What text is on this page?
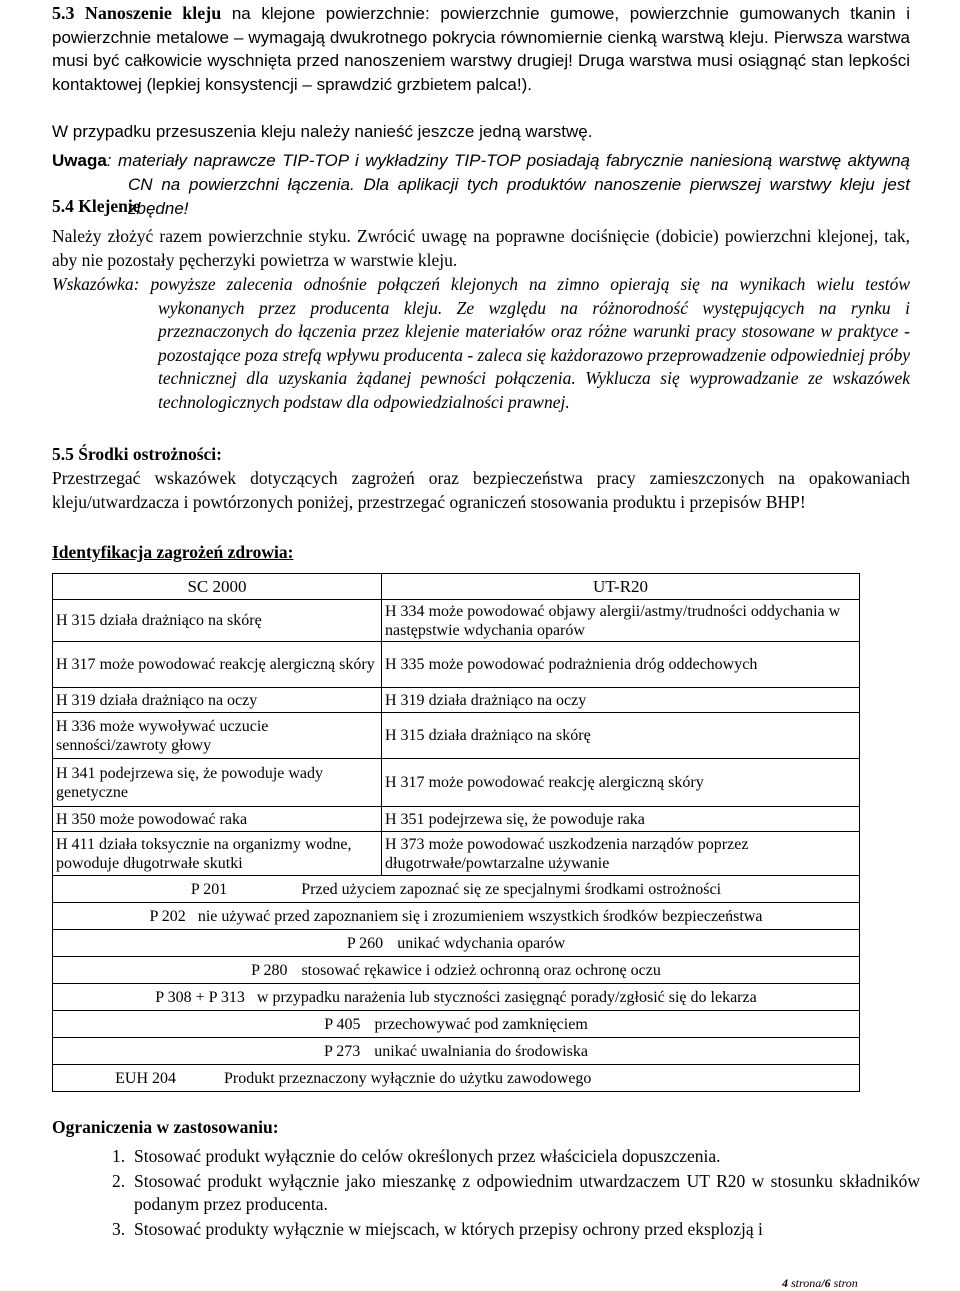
5.3 Nanoszenie kleju na klejone powierzchnie: powierzchnie gumowe, powierzchnie gumowanych tkanin i powierzchnie metalowe – wymagają dwukrotnego pokrycia równomiernie cienką warstwą kleju. Pierwsza warstwa musi być całkowicie wyschnięta przed nanoszeniem warstwy drugiej! Druga warstwa musi osiągnąć stan lepkości kontaktowej (lepkiej konsystencji – sprawdzić grzbietem palca!).

W przypadku przesuszenia kleju należy nanieść jeszcze jedną warstwę.

Uwaga: materiały naprawcze TIP-TOP i wykładziny TIP-TOP posiadają fabrycznie naniesioną warstwę aktywną CN na powierzchni łączenia. Dla aplikacji tych produktów nanoszenie pierwszej warstwy kleju jest zbędne!

5.4 Klejenie

Należy złożyć razem powierzchnie styku. Zwrócić uwagę na poprawne dociśnięcie (dobicie) powierzchni klejonej, tak, aby nie pozostały pęcherzyki powietrza w warstwie kleju.

Wskazówka: powyższe zalecenia odnośnie połączeń klejonych na zimno opierają się na wynikach wielu testów wykonanych przez producenta kleju. Ze względu na różnorodność występujących na rynku i przeznaczonych do łączenia przez klejenie materiałów oraz różne warunki pracy stosowane w praktyce - pozostające poza strefą wpływu producenta - zaleca się każdorazowo przeprowadzenie odpowiedniej próby technicznej dla uzyskania żądanej pewności połączenia. Wyklucza się wyprowadzanie ze wskazówek technologicznych podstaw dla odpowiedzialności prawnej.

5.5 Środki ostrożności:

Przestrzegać wskazówek dotyczących zagrożeń oraz bezpieczeństwa pracy zamieszczonych na opakowaniach kleju/utwardzacza i powtórzonych poniżej, przestrzegać ograniczeń stosowania produktu i przepisów BHP!

Identyfikacja zagrożeń zdrowia:

SC 2000	UT-R20
H 315 działa drażniąco na skórę	H 334 może powodować objawy alergii/astmy/trudności oddychania w następstwie wdychania oparów
H 317 może powodować reakcję alergiczną skóry	H 335 może powodować podrażnienia dróg oddechowych
H 319 działa drażniąco na oczy	H 319 działa drażniąco na oczy
H 336 może wywoływać uczucie senności/zawroty głowy	H 315 działa drażniąco na skórę
H 341 podejrzewa się, że powoduje wady genetyczne	H 317 może powodować reakcję alergiczną skóry
H 350 może powodować raka	H 351 podejrzewa się, że powoduje raka
H 411 działa toksycznie na organizmy wodne, powoduje długotrwałe skutki	H 373 może powodować uszkodzenia narządów poprzez długotrwałe/powtarzalne używanie
P 201 Przed użyciem zapoznać się ze specjalnymi środkami ostrożności	
P 202 nie używać przed zapoznaniem się i zrozumieniem wszystkich środków bezpieczeństwa	
P 260 unikać wdychania oparów	
P 280 stosować rękawice i odzież ochronną oraz ochronę oczu	
P 308 + P 313 w przypadku narażenia lub styczności zasięgnąć porady/zgłosić się do lekarza	
P 405 przechowywać pod zamknięciem	
P 273 unikać uwalniania do środowiska	
EUH 204 Produkt przeznaczony wyłącznie do użytku zawodowego	

Ograniczenia w zastosowaniu:

1. Stosować produkt wyłącznie do celów określonych przez właściciela dopuszczenia.
2. Stosować produkt wyłącznie jako mieszankę z odpowiednim utwardzaczem UT R20 w stosunku składników podanym przez producenta.
3. Stosować produkty wyłącznie w miejscach, w których przepisy ochrony przed eksplozją i
4 strona/6 stron
